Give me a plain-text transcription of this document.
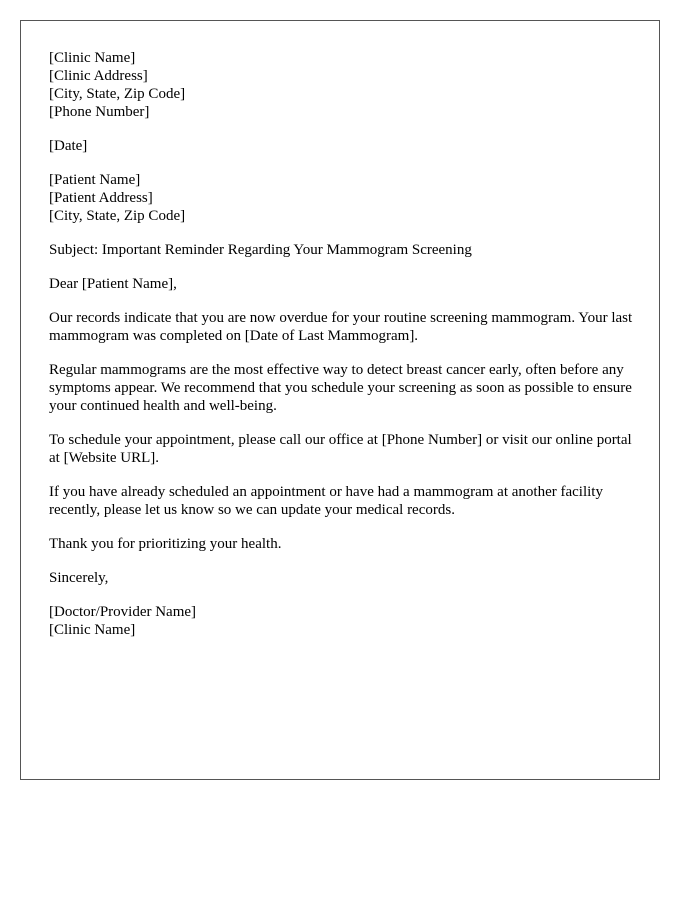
[Clinic Name]
[Clinic Address]
[City, State, Zip Code]
[Phone Number]
[Date]
[Patient Name]
[Patient Address]
[City, State, Zip Code]

Subject: Important Reminder Regarding Your Mammogram Screening

Dear [Patient Name],

Our records indicate that you are now overdue for your routine screening mammogram. Your last mammogram was completed on [Date of Last Mammogram].

Regular mammograms are the most effective way to detect breast cancer early, often before any symptoms appear. We recommend that you schedule your screening as soon as possible to ensure your continued health and well-being.

To schedule your appointment, please call our office at [Phone Number] or visit our online portal at [Website URL].

If you have already scheduled an appointment or have had a mammogram at another facility recently, please let us know so we can update your medical records.

Thank you for prioritizing your health.

Sincerely,

[Doctor/Provider Name]
[Clinic Name]
